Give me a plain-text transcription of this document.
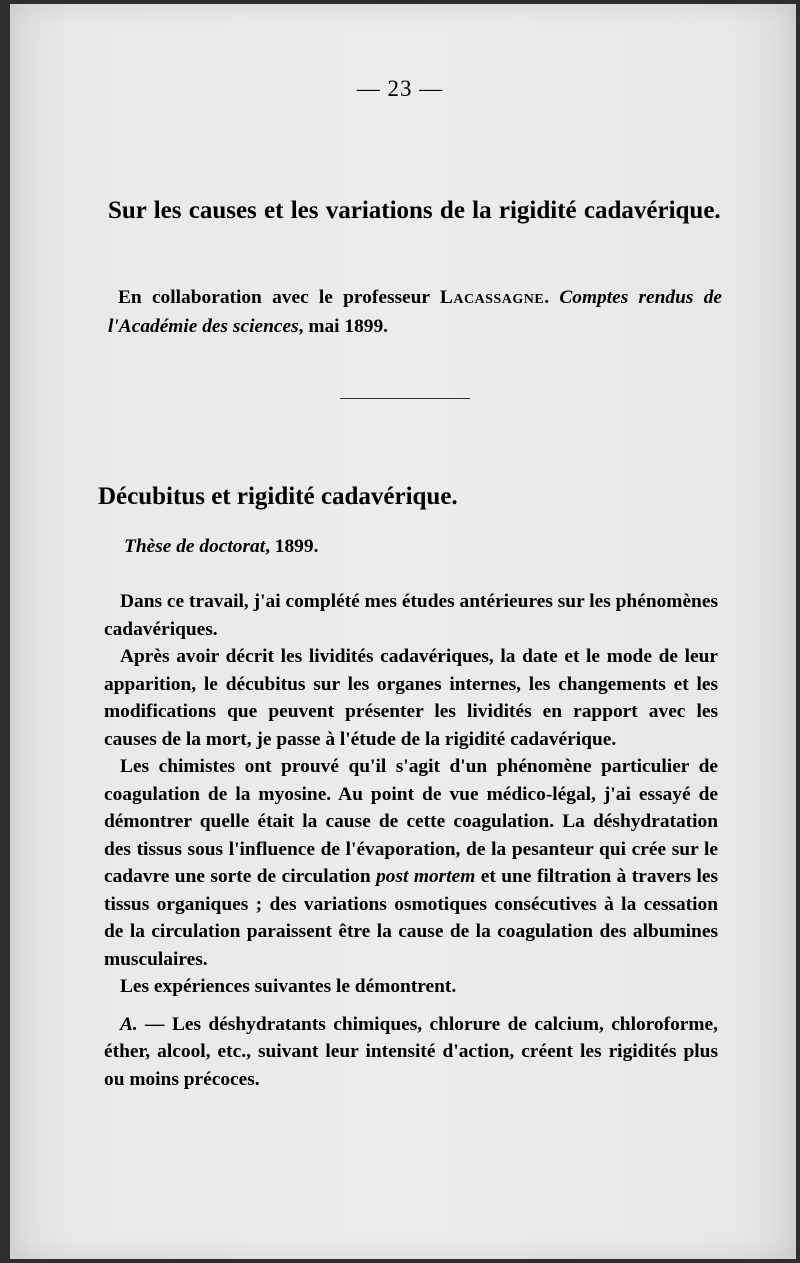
— 23 —
Sur les causes et les variations de la rigidité cadavérique.
En collaboration avec le professeur Lacassagne. Comptes rendus de l'Académie des sciences, mai 1899.
Décubitus et rigidité cadavérique.
Thèse de doctorat, 1899.

Dans ce travail, j'ai complété mes études antérieures sur les phénomènes cadavériques.

Après avoir décrit les lividités cadavériques, la date et le mode de leur apparition, le décubitus sur les organes internes, les changements et les modifications que peuvent présenter les lividités en rapport avec les causes de la mort, je passe à l'étude de la rigidité cadavérique.

Les chimistes ont prouvé qu'il s'agit d'un phénomène particulier de coagulation de la myosine. Au point de vue médico-légal, j'ai essayé de démontrer quelle était la cause de cette coagulation. La déshydratation des tissus sous l'influence de l'évaporation, de la pesanteur qui crée sur le cadavre une sorte de circulation post mortem et une filtration à travers les tissus organiques ; des variations osmotiques consécutives à la cessation de la circulation paraissent être la cause de la coagulation des albumines musculaires.

Les expériences suivantes le démontrent.

A. — Les déshydratants chimiques, chlorure de calcium, chloroforme, éther, alcool, etc., suivant leur intensité d'action, créent les rigidités plus ou moins précoces.
